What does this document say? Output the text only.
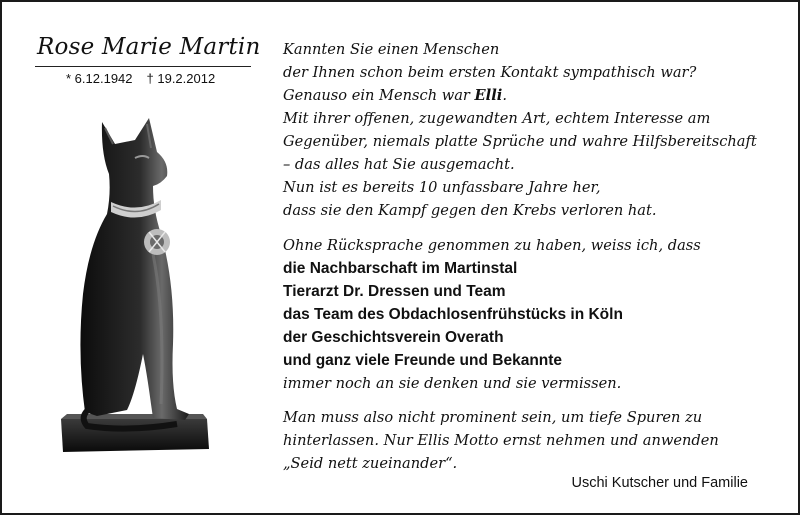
Rose Marie Martin
* 6.12.1942 † 19.2.2012
Kannten Sie einen Menschen
der Ihnen schon beim ersten Kontakt sympathisch war?
Genauso ein Mensch war Elli.
Mit ihrer offenen, zugewandten Art, echtem Interesse am
Gegenüber, niemals platte Sprüche und wahre Hilfsbereitschaft
– das alles hat Sie ausgemacht.
Nun ist es bereits 10 unfassbare Jahre her,
dass sie den Kampf gegen den Krebs verloren hat.
Ohne Rücksprache genommen zu haben, weiss ich, dass
die Nachbarschaft im Martinstal
Tierarzt Dr. Dressen und Team
das Team des Obdachlosenfrühstücks in Köln
der Geschichtsverein Overath
und ganz viele Freunde und Bekannte
immer noch an sie denken und sie vermissen.
Man muss also nicht prominent sein, um tiefe Spuren zu
hinterlassen. Nur Ellis Motto ernst nehmen und anwenden
„Seid nett zueinander“.
Uschi Kutscher und Familie
